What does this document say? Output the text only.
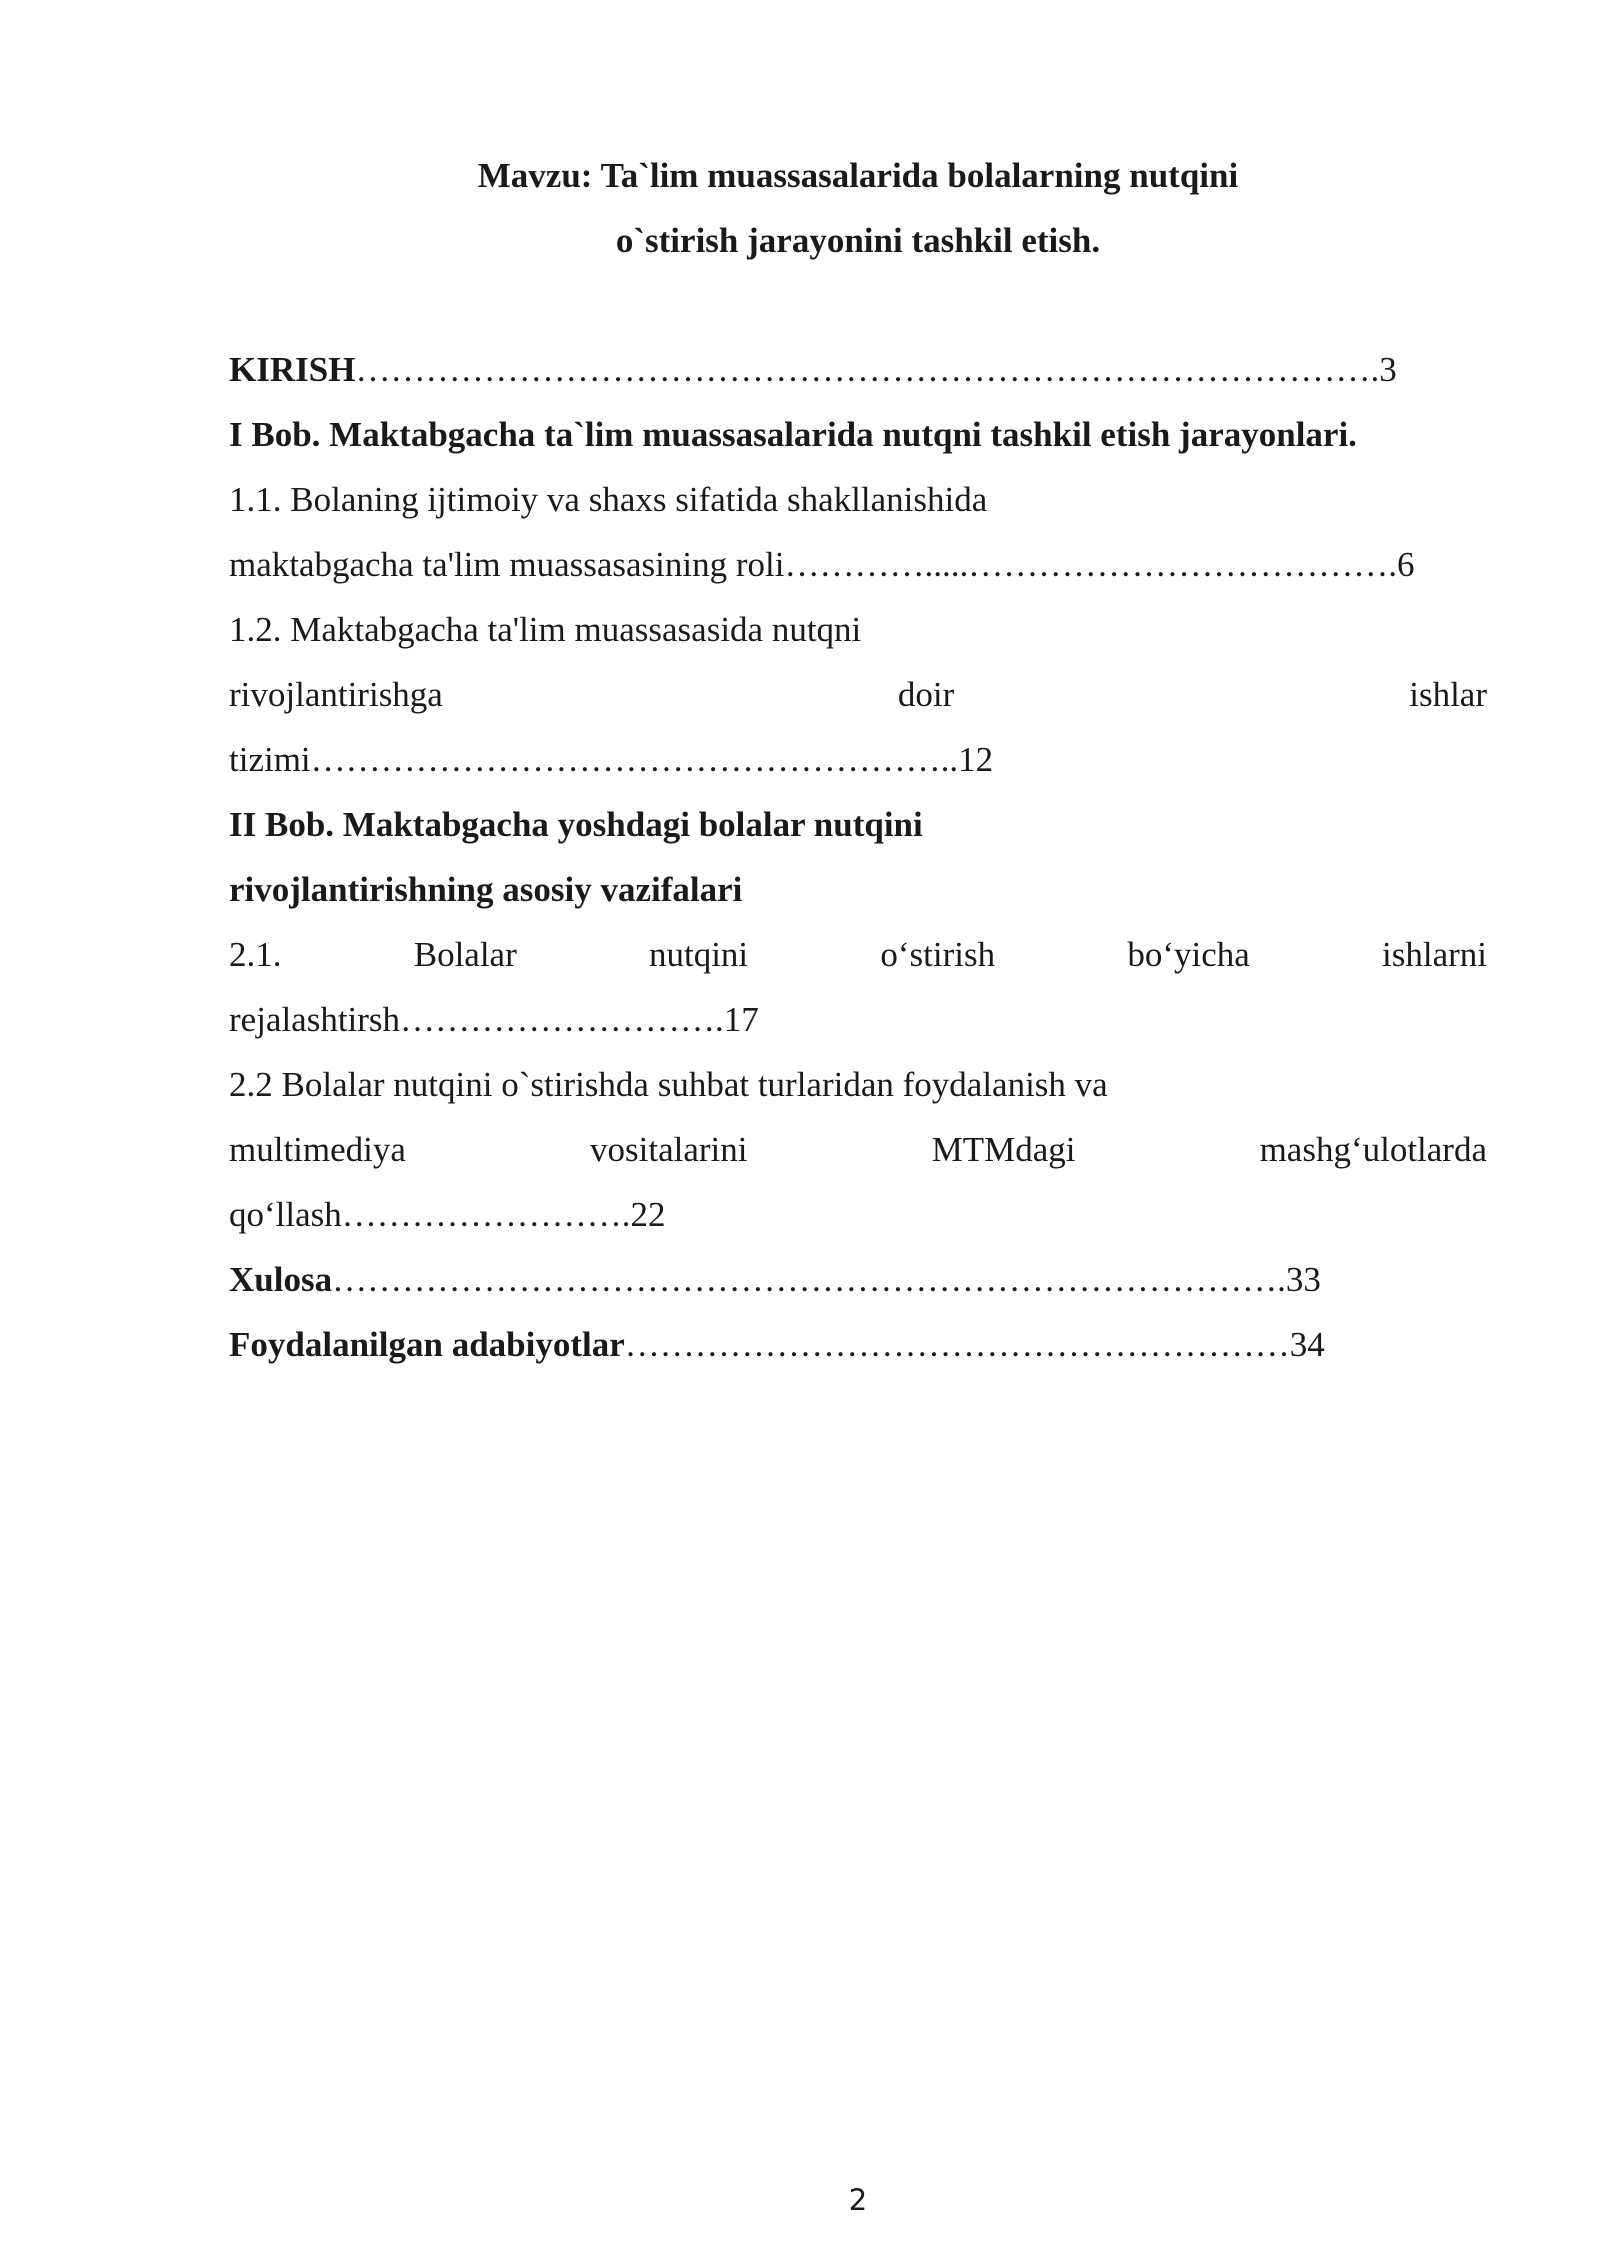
Mavzu: Ta`lim muassasalarida bolalarning nutqini
o`stirish jarayonini tashkil etish.
KIRISH…………………………………………………………………………….3
I Bob. Maktabgacha ta`lim muassasalarida nutqni tashkil etish jarayonlari.
1.1. Bolaning ijtimoiy va shaxs sifatida shakllanishida
maktabgacha ta'lim muassasasining roli………….....……………………………….6
1.2. Maktabgacha ta'lim muassasasida nutqni
rivojlantirishga	doir	ishlar
tizimi………………………………………………..12
II Bob. Maktabgacha yoshdagi bolalar nutqini
rivojlantirishning asosiy vazifalari
2.1.	Bolalar	nutqini	o‘stirish	bo‘yicha	ishlarni
rejalashtirsh……………………….17
2.2 Bolalar nutqini o`stirishda suhbat turlaridan foydalanish va
multimediya	vositalarini	MTMdagi	mashg‘ulotlarda
qo‘llash…………………….22
Xulosa……………………………………………………………………….33
Foydalanilgan adabiyotlar…………………………………………………34
2
